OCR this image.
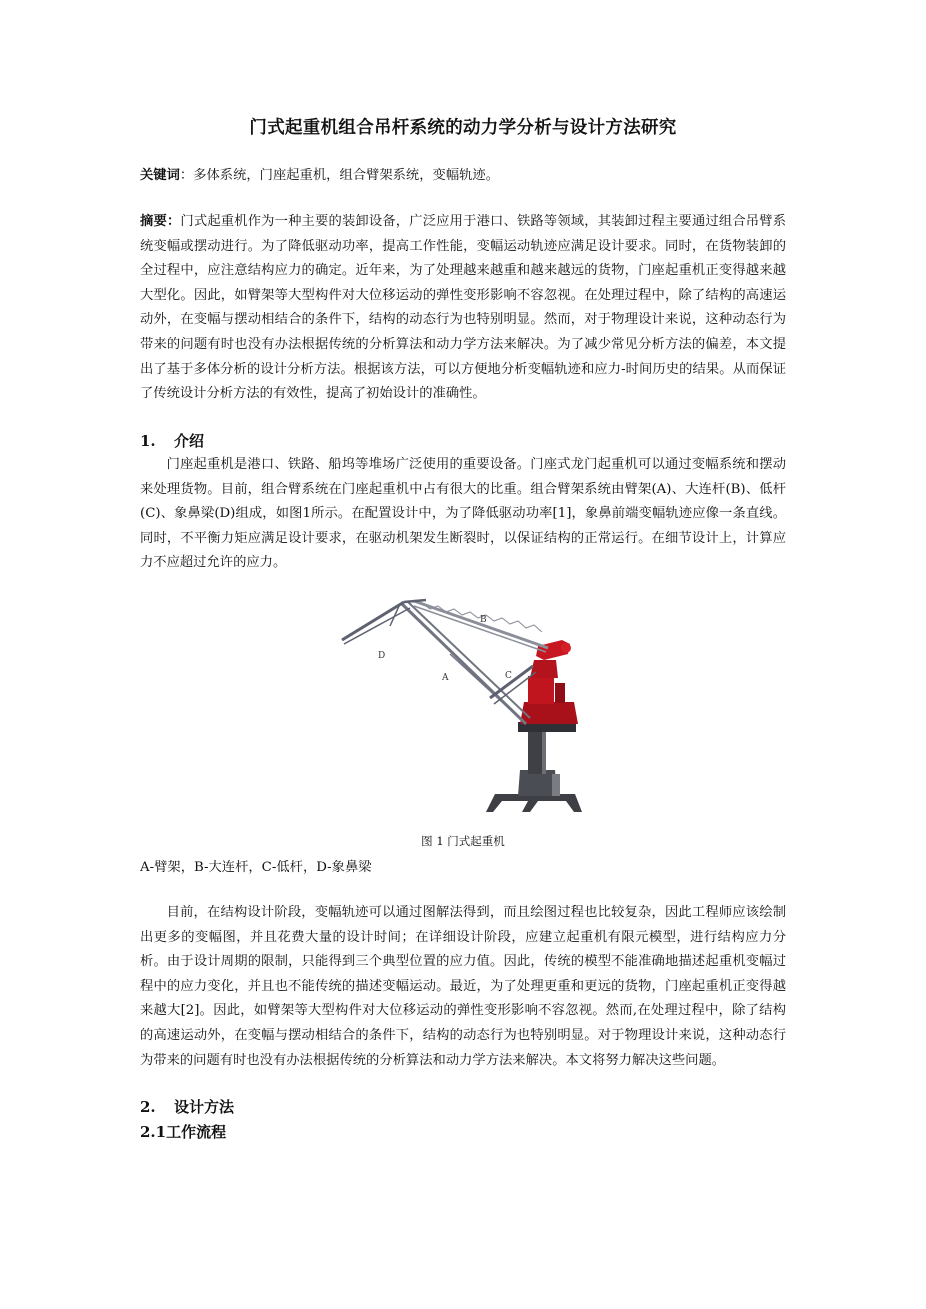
门式起重机组合吊杆系统的动力学分析与设计方法研究
关键词：多体系统，门座起重机，组合臂架系统，变幅轨迹。

摘要：门式起重机作为一种主要的装卸设备，广泛应用于港口、铁路等领域，其装卸过程主要通过组合吊臂系统变幅或摆动进行。为了降低驱动功率，提高工作性能，变幅运动轨迹应满足设计要求。同时，在货物装卸的全过程中，应注意结构应力的确定。近年来，为了处理越来越重和越来越远的货物，门座起重机正变得越来越大型化。因此，如臂架等大型构件对大位移运动的弹性变形影响不容忽视。在处理过程中，除了结构的高速运动外，在变幅与摆动相结合的条件下，结构的动态行为也特别明显。然而，对于物理设计来说，这种动态行为带来的问题有时也没有办法根据传统的分析算法和动力学方法来解决。为了减少常见分析方法的偏差，本文提出了基于多体分析的设计分析方法。根据该方法，可以方便地分析变幅轨迹和应力-时间历史的结果。从而保证了传统设计分析方法的有效性，提高了初始设计的准确性。

1. 介绍

门座起重机是港口、铁路、船坞等堆场广泛使用的重要设备。门座式龙门起重机可以通过变幅系统和摆动来处理货物。目前，组合臂系统在门座起重机中占有很大的比重。组合臂架系统由臂架(A)、大连杆(B)、低杆(C)、象鼻梁(D)组成，如图1所示。在配置设计中，为了降低驱动功率[1]，象鼻前端变幅轨迹应像一条直线。同时，不平衡力矩应满足设计要求，在驱动机架发生断裂时，以保证结构的正常运行。在细节设计上，计算应力不应超过允许的应力。

B
D
A	C
图 1 门式起重机
A-臂架，B-大连杆，C-低杆，D-象鼻梁

目前，在结构设计阶段，变幅轨迹可以通过图解法得到，而且绘图过程也比较复杂，因此工程师应该绘制出更多的变幅图，并且花费大量的设计时间；在详细设计阶段，应建立起重机有限元模型，进行结构应力分析。由于设计周期的限制，只能得到三个典型位置的应力值。因此，传统的模型不能准确地描述起重机变幅过程中的应力变化，并且也不能传统的描述变幅运动。最近，为了处理更重和更远的货物，门座起重机正变得越来越大[2]。因此，如臂架等大型构件对大位移运动的弹性变形影响不容忽视。然而,在处理过程中，除了结构的高速运动外，在变幅与摆动相结合的条件下，结构的动态行为也特别明显。对于物理设计来说，这种动态行为带来的问题有时也没有办法根据传统的分析算法和动力学方法来解决。本文将努力解决这些问题。

2. 设计方法
2.1工作流程
